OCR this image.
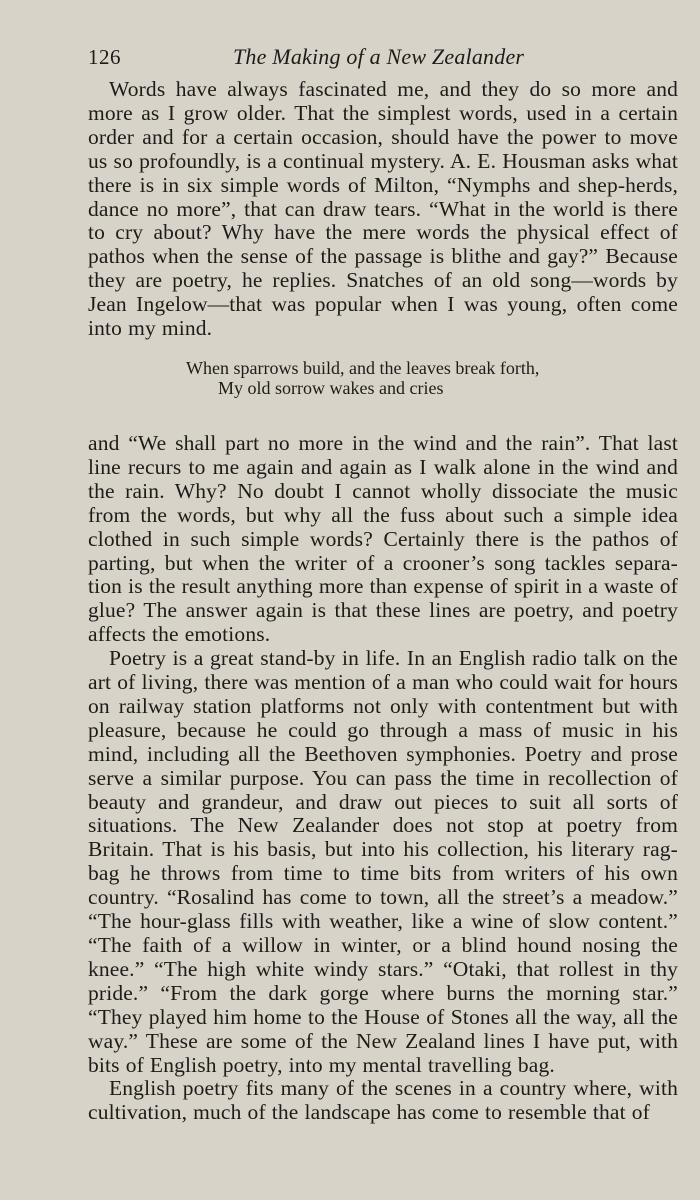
126	The Making of a New Zealander

Words have always fascinated me, and they do so more and more as I grow older. That the simplest words, used in a certain order and for a certain occasion, should have the power to move us so profoundly, is a continual mystery. A. E. Housman asks what there is in six simple words of Milton, “Nymphs and shep-herds, dance no more”, that can draw tears. “What in the world is there to cry about? Why have the mere words the physical effect of pathos when the sense of the passage is blithe and gay?” Because they are poetry, he replies. Snatches of an old song—words by Jean Ingelow—that was popular when I was young, often come into my mind.

When sparrows build, and the leaves break forth,
My old sorrow wakes and cries

and “We shall part no more in the wind and the rain”. That last line recurs to me again and again as I walk alone in the wind and the rain. Why? No doubt I cannot wholly dissociate the music from the words, but why all the fuss about such a simple idea clothed in such simple words? Certainly there is the pathos of parting, but when the writer of a crooner’s song tackles separa-tion is the result anything more than expense of spirit in a waste of glue? The answer again is that these lines are poetry, and poetry affects the emotions.

Poetry is a great stand-by in life. In an English radio talk on the art of living, there was mention of a man who could wait for hours on railway station platforms not only with contentment but with pleasure, because he could go through a mass of music in his mind, including all the Beethoven symphonies. Poetry and prose serve a similar purpose. You can pass the time in recollection of beauty and grandeur, and draw out pieces to suit all sorts of situations. The New Zealander does not stop at poetry from Britain. That is his basis, but into his collection, his literary rag-bag he throws from time to time bits from writers of his own country. “Rosalind has come to town, all the street’s a meadow.” “The hour-glass fills with weather, like a wine of slow content.” “The faith of a willow in winter, or a blind hound nosing the knee.” “The high white windy stars.” “Otaki, that rollest in thy pride.” “From the dark gorge where burns the morning star.” “They played him home to the House of Stones all the way, all the way.” These are some of the New Zealand lines I have put, with bits of English poetry, into my mental travelling bag.

English poetry fits many of the scenes in a country where, with cultivation, much of the landscape has come to resemble that of
